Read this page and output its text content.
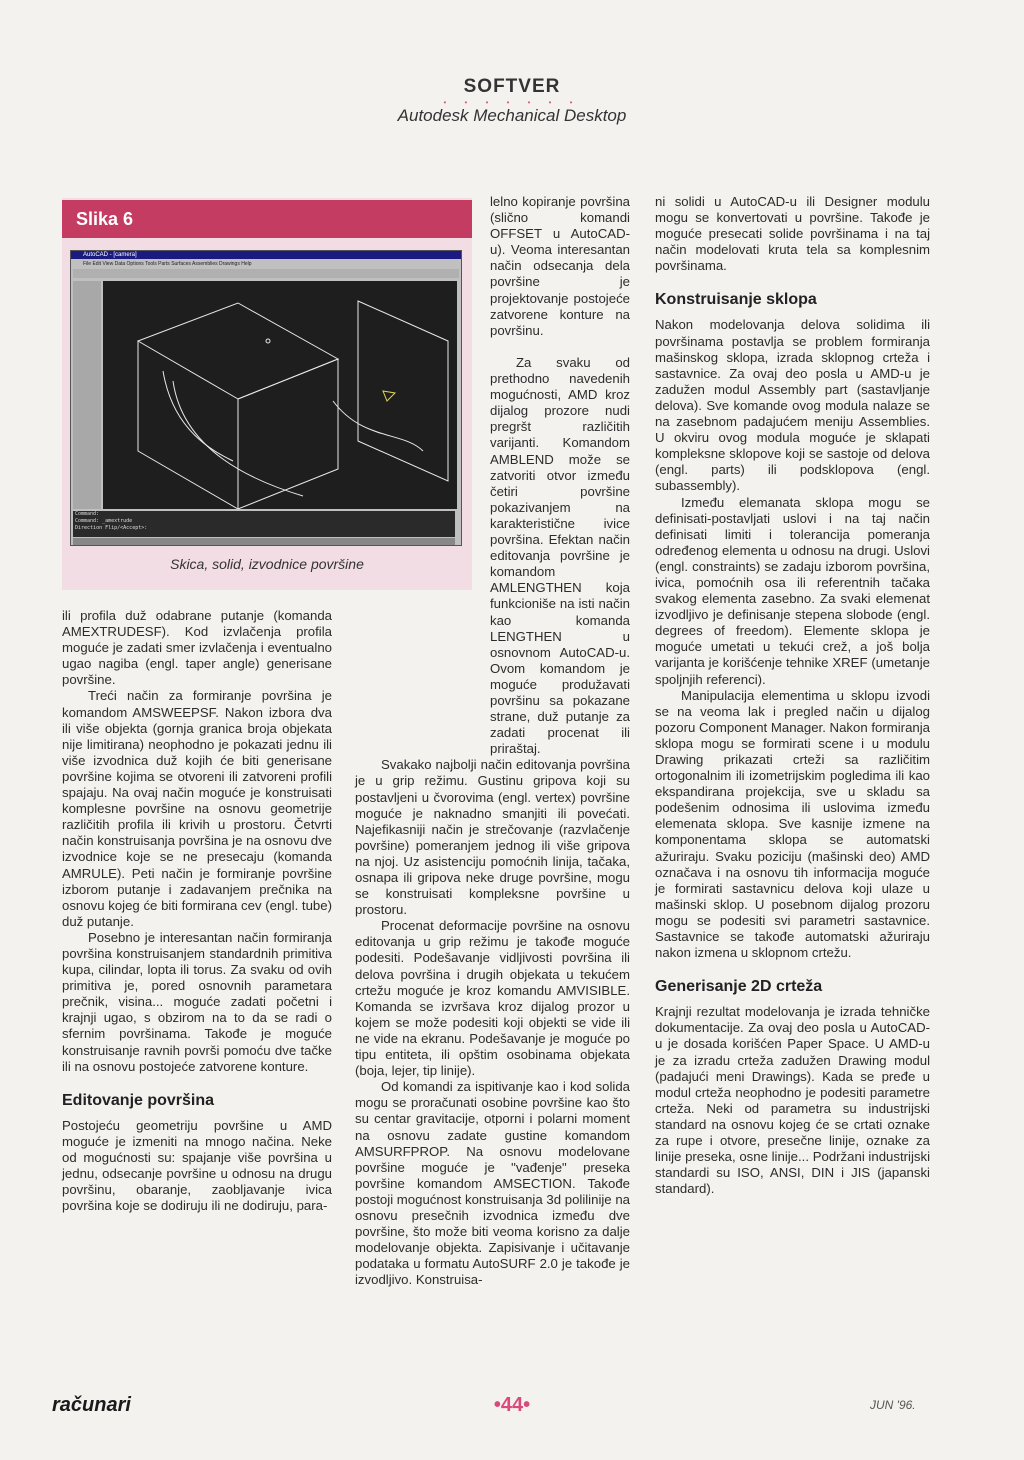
SOFTVER
• • • • • • •
Autodesk Mechanical Desktop
Slika 6
AutoCAD - [camera]
File Edit View Data Options Tools Parts Surfaces Assemblies Drawings Help
Command:
Command: _amextrude
Direction Flip/<Accept>:
Skica, solid, izvodnice površine

ili profila duž odabrane putanje (komanda AMEXTRUDESF). Kod izvlačenja profila moguće je zadati smer izvlačenja i eventualno ugao nagiba (engl. taper angle) generisane površine.

Treći način za formiranje površina je komandom AMSWEEPSF. Nakon izbora dva ili više objekta (gornja granica broja objekata nije limitirana) neophodno je pokazati jednu ili više izvodnica duž kojih će biti generisane površine kojima se otvoreni ili zatvoreni profili spajaju. Na ovaj način moguće je konstruisati komplesne površine na osnovu geometrije različitih profila ili krivih u prostoru. Četvrti način konstruisanja površina je na osnovu dve izvodnice koje se ne presecaju (komanda AMRULE). Peti način je formiranje površine izborom putanje i zadavanjem prečnika na osnovu kojeg će biti formirana cev (engl. tube) duž putanje.

Posebno je interesantan način formiranja površina konstruisanjem standardnih primitiva kupa, cilindar, lopta ili torus. Za svaku od ovih primitiva je, pored osnovnih parametara prečnik, visina... moguće zadati početni i krajnji ugao, s obzirom na to da se radi o sfernim površinama. Takođe je moguće konstruisanje ravnih površi pomoću dve tačke ili na osnovu postojeće zatvorene konture.

Editovanje površina

Postojeću geometriju površine u AMD moguće je izmeniti na mnogo načina. Neke od mogućnosti su: spajanje više površina u jednu, odsecanje površine u odnosu na drugu površinu, obaranje, zaobljavanje ivica površina koje se dodiruju ili ne dodiruju, para-

lelno kopiranje površina (slično komandi OFFSET u AutoCAD-u). Veoma interesantan način odsecanja dela površine je projektovanje postojeće zatvorene konture na površinu.

Za svaku od prethodno navedenih mogućnosti, AMD kroz dijalog prozore nudi pregršt različitih varijanti. Komandom AMBLEND može se zatvoriti otvor između četiri površine pokazivanjem na karakteristične ivice površina. Efektan način editovanja površine je komandom AMLENGTHEN koja funkcioniše na isti način kao komanda LENGTHEN u osnovnom AutoCAD-u. Ovom komandom je moguće produžavati površinu sa pokazane strane, duž putanje za zadati procenat ili priraštaj.

Svakako najbolji način editovanja površina je u grip režimu. Gustinu gripova koji su postavljeni u čvorovima (engl. vertex) površine moguće je naknadno smanjiti ili povećati. Najefikasniji način je strečovanje (razvlačenje površine) pomeranjem jednog ili više gripova na njoj. Uz asistenciju pomoćnih linija, tačaka, osnapa ili gripova neke druge površine, mogu se konstruisati kompleksne površine u prostoru.

Procenat deformacije površine na osnovu editovanja u grip režimu je takođe moguće podesiti. Podešavanje vidljivosti površina ili delova površina i drugih objekata u tekućem crtežu moguće je kroz komandu AMVISIBLE. Komanda se izvršava kroz dijalog prozor u kojem se može podesiti koji objekti se vide ili ne vide na ekranu. Podešavanje je moguće po tipu entiteta, ili opštim osobinama objekata (boja, lejer, tip linije).

Od komandi za ispitivanje kao i kod solida mogu se proračunati osobine površine kao što su centar gravitacije, otporni i polarni moment na osnovu zadate gustine komandom AMSURFPROP. Na osnovu modelovane površine moguće je "vađenje" preseka površine komandom AMSECTION. Takođe postoji mogućnost konstruisanja 3d polilinije na osnovu presečnih izvodnica između dve površine, što može biti veoma korisno za dalje modelovanje objekta. Zapisivanje i učitavanje podataka u formatu AutoSURF 2.0 je takođe je izvodljivo. Konstruisa-

ni solidi u AutoCAD-u ili Designer modulu mogu se konvertovati u površine. Takođe je moguće presecati solide površinama i na taj način modelovati kruta tela sa komplesnim površinama.

Konstruisanje sklopa

Nakon modelovanja delova solidima ili površinama postavlja se problem formiranja mašinskog sklopa, izrada sklopnog crteža i sastavnice. Za ovaj deo posla u AMD-u je zadužen modul Assembly part (sastavljanje delova). Sve komande ovog modula nalaze se na zasebnom padajućem meniju Assemblies. U okviru ovog modula moguće je sklapati kompleksne sklopove koji se sastoje od delova (engl. parts) ili podsklopova (engl. subassembly).

Između elemanata sklopa mogu se definisati-postavljati uslovi i na taj način definisati limiti i tolerancija pomeranja određenog elementa u odnosu na drugi. Uslovi (engl. constraints) se zadaju izborom površina, ivica, pomoćnih osa ili referentnih tačaka svakog elementa zasebno. Za svaki elemenat izvodljivo je definisanje stepena slobode (engl. degrees of freedom). Elemente sklopa je moguće umetati u tekući crež, a još bolja varijanta je korišćenje tehnike XREF (umetanje spoljnjih referenci).

Manipulacija elementima u sklopu izvodi se na veoma lak i pregled način u dijalog pozoru Component Manager. Nakon formiranja sklopa mogu se formirati scene i u modulu Drawing prikazati crteži sa različitim ortogonalnim ili izometrijskim pogledima ili kao ekspandirana projekcija, sve u skladu sa podešenim odnosima ili uslovima između elemenata sklopa. Sve kasnije izmene na komponentama sklopa se automatski ažuriraju. Svaku poziciju (mašinski deo) AMD označava i na osnovu tih informacija moguće je formirati sastavnicu delova koji ulaze u mašinski sklop. U posebnom dijalog prozoru mogu se podesiti svi parametri sastavnice. Sastavnice se takođe automatski ažuriraju nakon izmena u sklopnom crtežu.

Generisanje 2D crteža

Krajnji rezultat modelovanja je izrada tehničke dokumentacije. Za ovaj deo posla u AutoCAD-u je dosada korišćen Paper Space. U AMD-u je za izradu crteža zadužen Drawing modul (padajući meni Drawings). Kada se pređe u modul crteža neophodno je podesiti parametre crteža. Neki od parametra su industrijski standard na osnovu kojeg će se crtati oznake za rupe i otvore, presečne linije, oznake za linije preseka, osne linije... Podržani industrijski standardi su ISO, ANSI, DIN i JIS (japanski standard).

računari	•44•	JUN '96.
